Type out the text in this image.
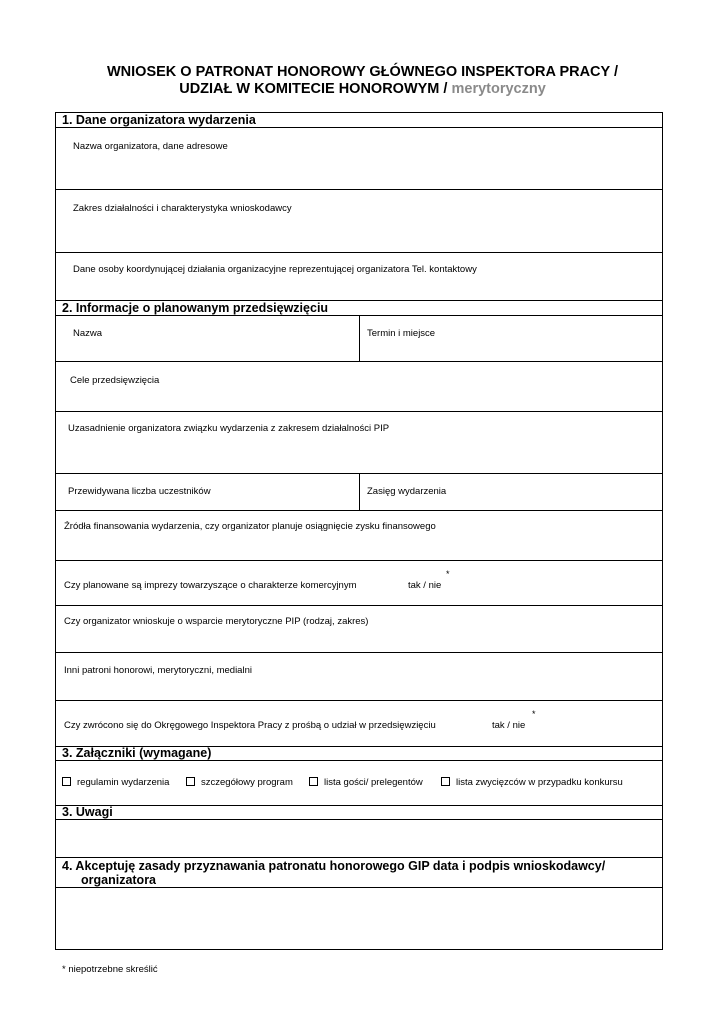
WNIOSEK O PATRONAT HONOROWY GŁÓWNEGO INSPEKTORA PRACY /
UDZIAŁ W KOMITECIE HONOROWYM / merytoryczny
1. Dane organizatora wydarzenia
Nazwa organizatora, dane adresowe
Zakres działalności i charakterystyka wnioskodawcy
Dane osoby koordynującej działania organizacyjne reprezentującej organizatora Tel. kontaktowy
2. Informacje o planowanym przedsięwzięciu
Nazwa	Termin i miejsce
Cele przedsięwzięcia
Uzasadnienie organizatora związku wydarzenia z zakresem działalności PIP
Przewidywana liczba uczestników	Zasięg wydarzenia
Źródła finansowania wydarzenia, czy organizator planuje osiągnięcie zysku finansowego
Czy planowane są imprezy towarzyszące o charakterze komercyjnym	tak / nie
*
Czy organizator wnioskuje o wsparcie merytoryczne PIP (rodzaj, zakres)
Inni patroni honorowi, merytoryczni, medialni
Czy zwrócono się do Okręgowego Inspektora Pracy z prośbą o udział w przedsięwzięciu	tak / nie
*
3. Załączniki (wymagane)
regulamin wydarzenia	szczegółowy program	lista gości/ prelegentów	lista zwycięzców w przypadku konkursu
3. Uwagi
4. Akceptuję zasady przyznawania patronatu honorowego GIP data i podpis wnioskodawcy/
organizatora
* niepotrzebne skreślić
